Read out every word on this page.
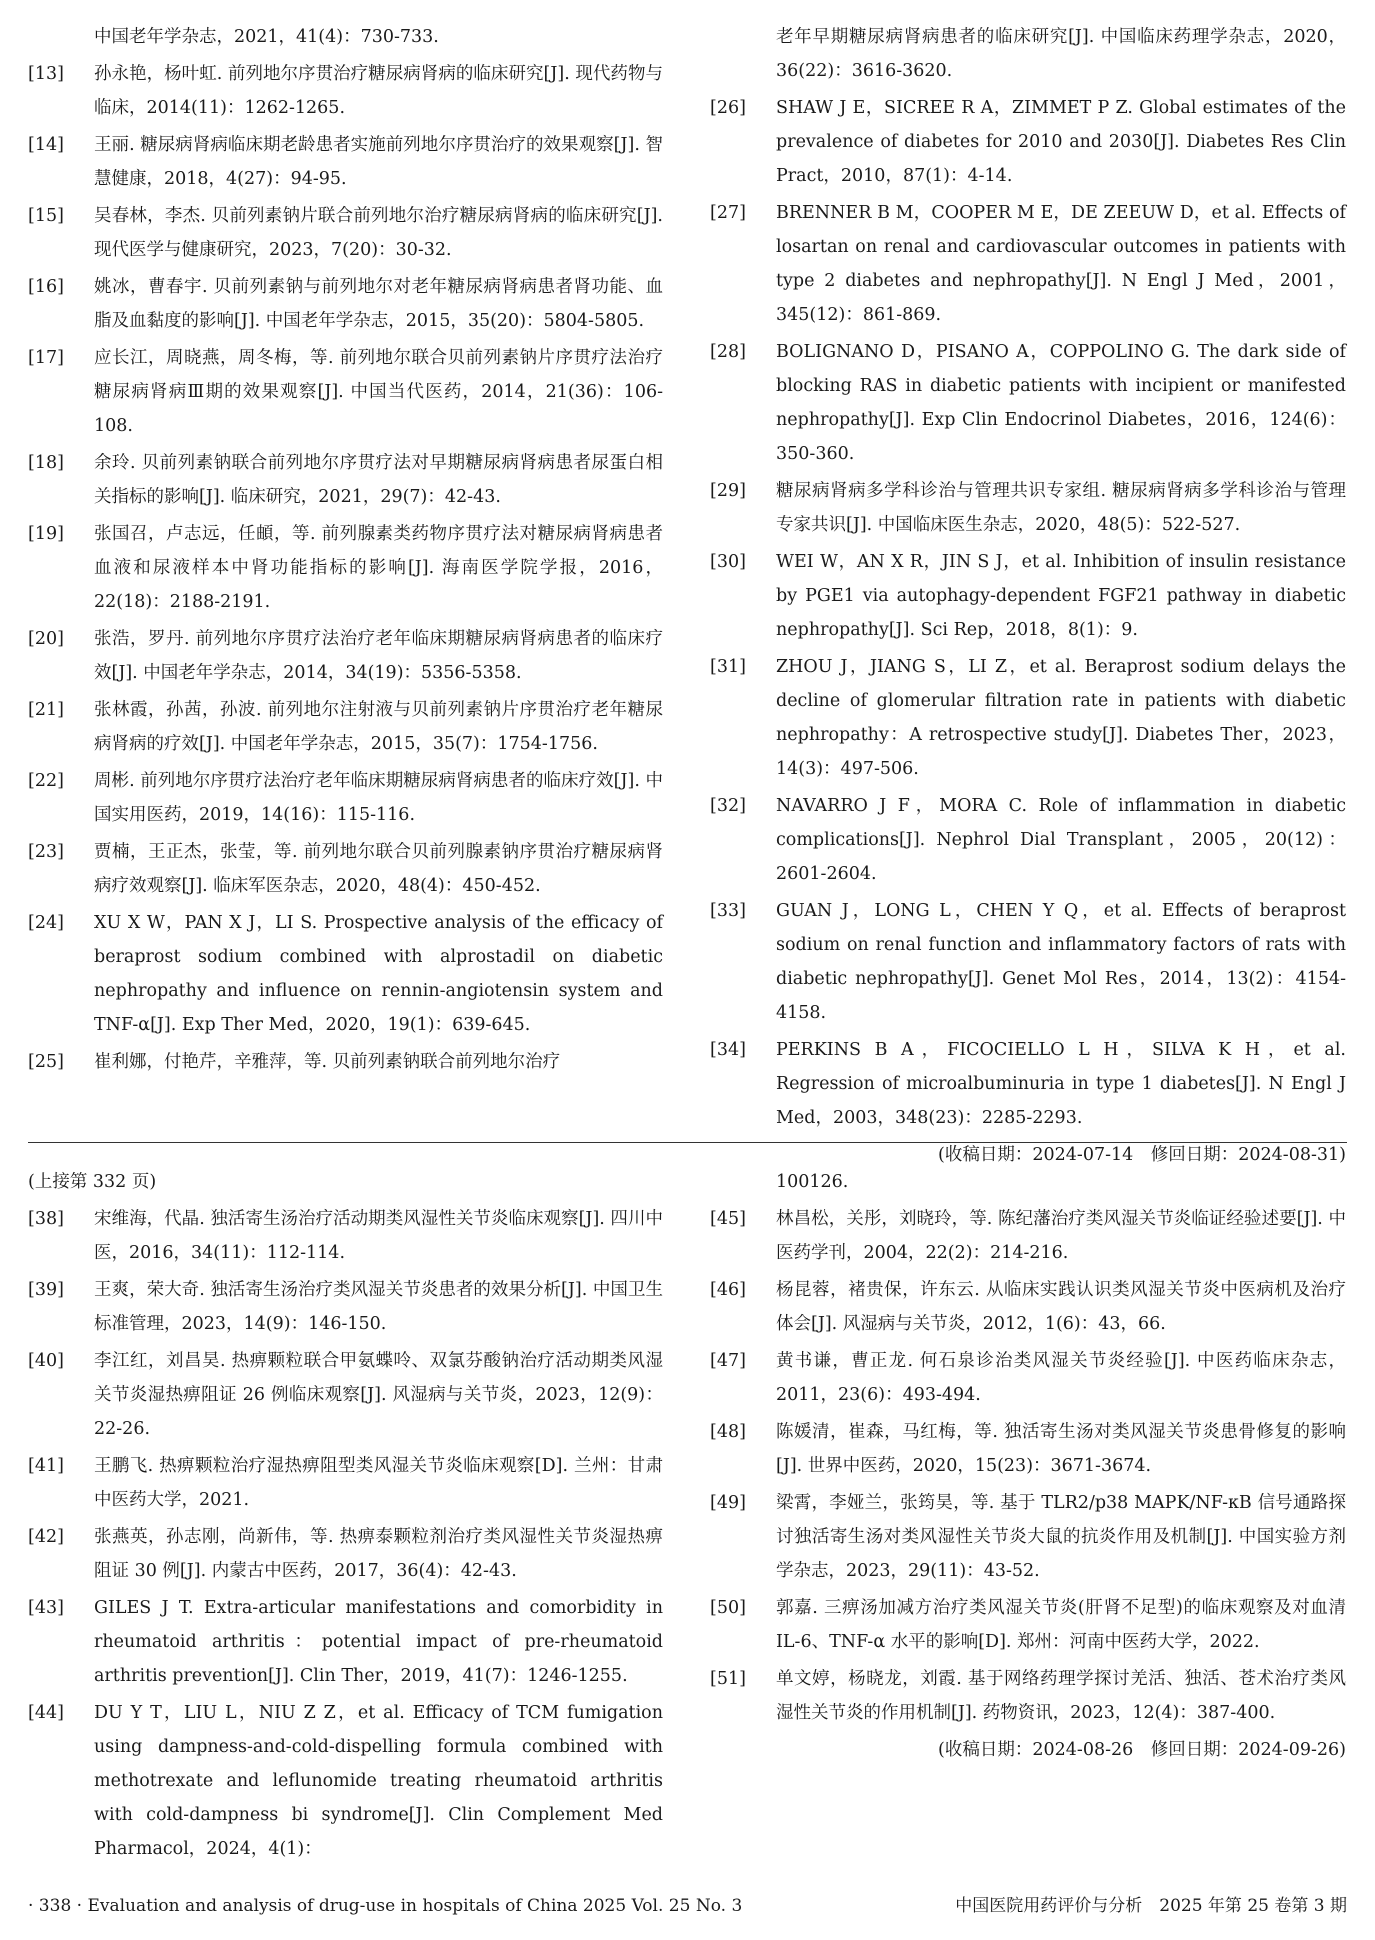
中国老年学杂志，2021，41(4)：730-733.
[13]	孙永艳，杨叶虹. 前列地尔序贯治疗糖尿病肾病的临床研究[J]. 现代药物与临床，2014(11)：1262-1265.
[14]	王丽. 糖尿病肾病临床期老龄患者实施前列地尔序贯治疗的效果观察[J]. 智慧健康，2018，4(27)：94-95.
[15]	吴春林，李杰. 贝前列素钠片联合前列地尔治疗糖尿病肾病的临床研究[J]. 现代医学与健康研究，2023，7(20)：30-32.
[16]	姚冰，曹春宇. 贝前列素钠与前列地尔对老年糖尿病肾病患者肾功能、血脂及血黏度的影响[J]. 中国老年学杂志，2015，35(20)：5804-5805.
[17]	应长江，周晓燕，周冬梅，等. 前列地尔联合贝前列素钠片序贯疗法治疗糖尿病肾病Ⅲ期的效果观察[J]. 中国当代医药，2014，21(36)：106-108.
[18]	余玲. 贝前列素钠联合前列地尔序贯疗法对早期糖尿病肾病患者尿蛋白相关指标的影响[J]. 临床研究，2021，29(7)：42-43.
[19]	张国召，卢志远，任頔，等. 前列腺素类药物序贯疗法对糖尿病肾病患者血液和尿液样本中肾功能指标的影响[J]. 海南医学院学报，2016，22(18)：2188-2191.
[20]	张浩，罗丹. 前列地尔序贯疗法治疗老年临床期糖尿病肾病患者的临床疗效[J]. 中国老年学杂志，2014，34(19)：5356-5358.
[21]	张林霞，孙茜，孙波. 前列地尔注射液与贝前列素钠片序贯治疗老年糖尿病肾病的疗效[J]. 中国老年学杂志，2015，35(7)：1754-1756.
[22]	周彬. 前列地尔序贯疗法治疗老年临床期糖尿病肾病患者的临床疗效[J]. 中国实用医药，2019，14(16)：115-116.
[23]	贾楠，王正杰，张莹，等. 前列地尔联合贝前列腺素钠序贯治疗糖尿病肾病疗效观察[J]. 临床军医杂志，2020，48(4)：450-452.
[24]	XU X W，PAN X J，LI S. Prospective analysis of the efficacy of beraprost sodium combined with alprostadil on diabetic nephropathy and influence on rennin-angiotensin system and TNF-α[J]. Exp Ther Med，2020，19(1)：639-645.
[25]	崔利娜，付艳芹，辛雅萍，等. 贝前列素钠联合前列地尔治疗
老年早期糖尿病肾病患者的临床研究[J]. 中国临床药理学杂志，2020，36(22)：3616-3620.
[26]	SHAW J E，SICREE R A，ZIMMET P Z. Global estimates of the prevalence of diabetes for 2010 and 2030[J]. Diabetes Res Clin Pract，2010，87(1)：4-14.
[27]	BRENNER B M，COOPER M E，DE ZEEUW D，et al. Effects of losartan on renal and cardiovascular outcomes in patients with type 2 diabetes and nephropathy[J]. N Engl J Med，2001，345(12)：861-869.
[28]	BOLIGNANO D，PISANO A，COPPOLINO G. The dark side of blocking RAS in diabetic patients with incipient or manifested nephropathy[J]. Exp Clin Endocrinol Diabetes，2016，124(6)：350-360.
[29]	糖尿病肾病多学科诊治与管理共识专家组. 糖尿病肾病多学科诊治与管理专家共识[J]. 中国临床医生杂志，2020，48(5)：522-527.
[30]	WEI W，AN X R，JIN S J，et al. Inhibition of insulin resistance by PGE1 via autophagy-dependent FGF21 pathway in diabetic nephropathy[J]. Sci Rep，2018，8(1)：9.
[31]	ZHOU J，JIANG S，LI Z，et al. Beraprost sodium delays the decline of glomerular filtration rate in patients with diabetic nephropathy：A retrospective study[J]. Diabetes Ther，2023，14(3)：497-506.
[32]	NAVARRO J F，MORA C. Role of inflammation in diabetic complications[J]. Nephrol Dial Transplant，2005，20(12)：2601-2604.
[33]	GUAN J，LONG L，CHEN Y Q，et al. Effects of beraprost sodium on renal function and inflammatory factors of rats with diabetic nephropathy[J]. Genet Mol Res，2014，13(2)：4154-4158.
[34]	PERKINS B A，FICOCIELLO L H，SILVA K H，et al. Regression of microalbuminuria in type 1 diabetes[J]. N Engl J Med，2003，348(23)：2285-2293.
(收稿日期：2024-07-14　修回日期：2024-08-31)
(上接第 332 页)
[38]	宋维海，代晶. 独活寄生汤治疗活动期类风湿性关节炎临床观察[J]. 四川中医，2016，34(11)：112-114.
[39]	王爽，荣大奇. 独活寄生汤治疗类风湿关节炎患者的效果分析[J]. 中国卫生标准管理，2023，14(9)：146-150.
[40]	李江红，刘昌昊. 热痹颗粒联合甲氨蝶呤、双氯芬酸钠治疗活动期类风湿关节炎湿热痹阻证 26 例临床观察[J]. 风湿病与关节炎，2023，12(9)：22-26.
[41]	王鹏飞. 热痹颗粒治疗湿热痹阻型类风湿关节炎临床观察[D]. 兰州：甘肃中医药大学，2021.
[42]	张燕英，孙志刚，尚新伟，等. 热痹泰颗粒剂治疗类风湿性关节炎湿热痹阻证 30 例[J]. 内蒙古中医药，2017，36(4)：42-43.
[43]	GILES J T. Extra-articular manifestations and comorbidity in rheumatoid arthritis：potential impact of pre-rheumatoid arthritis prevention[J]. Clin Ther，2019，41(7)：1246-1255.
[44]	DU Y T，LIU L，NIU Z Z，et al. Efficacy of TCM fumigation using dampness-and-cold-dispelling formula combined with methotrexate and leflunomide treating rheumatoid arthritis with cold-dampness bi syndrome[J]. Clin Complement Med Pharmacol，2024，4(1)：
100126.
[45]	林昌松，关彤，刘晓玲，等. 陈纪藩治疗类风湿关节炎临证经验述要[J]. 中医药学刊，2004，22(2)：214-216.
[46]	杨昆蓉，褚贵保，许东云. 从临床实践认识类风湿关节炎中医病机及治疗体会[J]. 风湿病与关节炎，2012，1(6)：43，66.
[47]	黄书谦，曹正龙. 何石泉诊治类风湿关节炎经验[J]. 中医药临床杂志，2011，23(6)：493-494.
[48]	陈媛清，崔森，马红梅，等. 独活寄生汤对类风湿关节炎患骨修复的影响[J]. 世界中医药，2020，15(23)：3671-3674.
[49]	梁霄，李娅兰，张筠昊，等. 基于 TLR2/p38 MAPK/NF-κB 信号通路探讨独活寄生汤对类风湿性关节炎大鼠的抗炎作用及机制[J]. 中国实验方剂学杂志，2023，29(11)：43-52.
[50]	郭嘉. 三痹汤加减方治疗类风湿关节炎(肝肾不足型)的临床观察及对血清 IL-6、TNF-α 水平的影响[D]. 郑州：河南中医药大学，2022.
[51]	单文婷，杨晓龙，刘霞. 基于网络药理学探讨羌活、独活、苍术治疗类风湿性关节炎的作用机制[J]. 药物资讯，2023，12(4)：387-400.
(收稿日期：2024-08-26　修回日期：2024-09-26)
· 338 · Evaluation and analysis of drug-use in hospitals of China 2025 Vol. 25 No. 3	中国医院用药评价与分析　2025 年第 25 卷第 3 期
